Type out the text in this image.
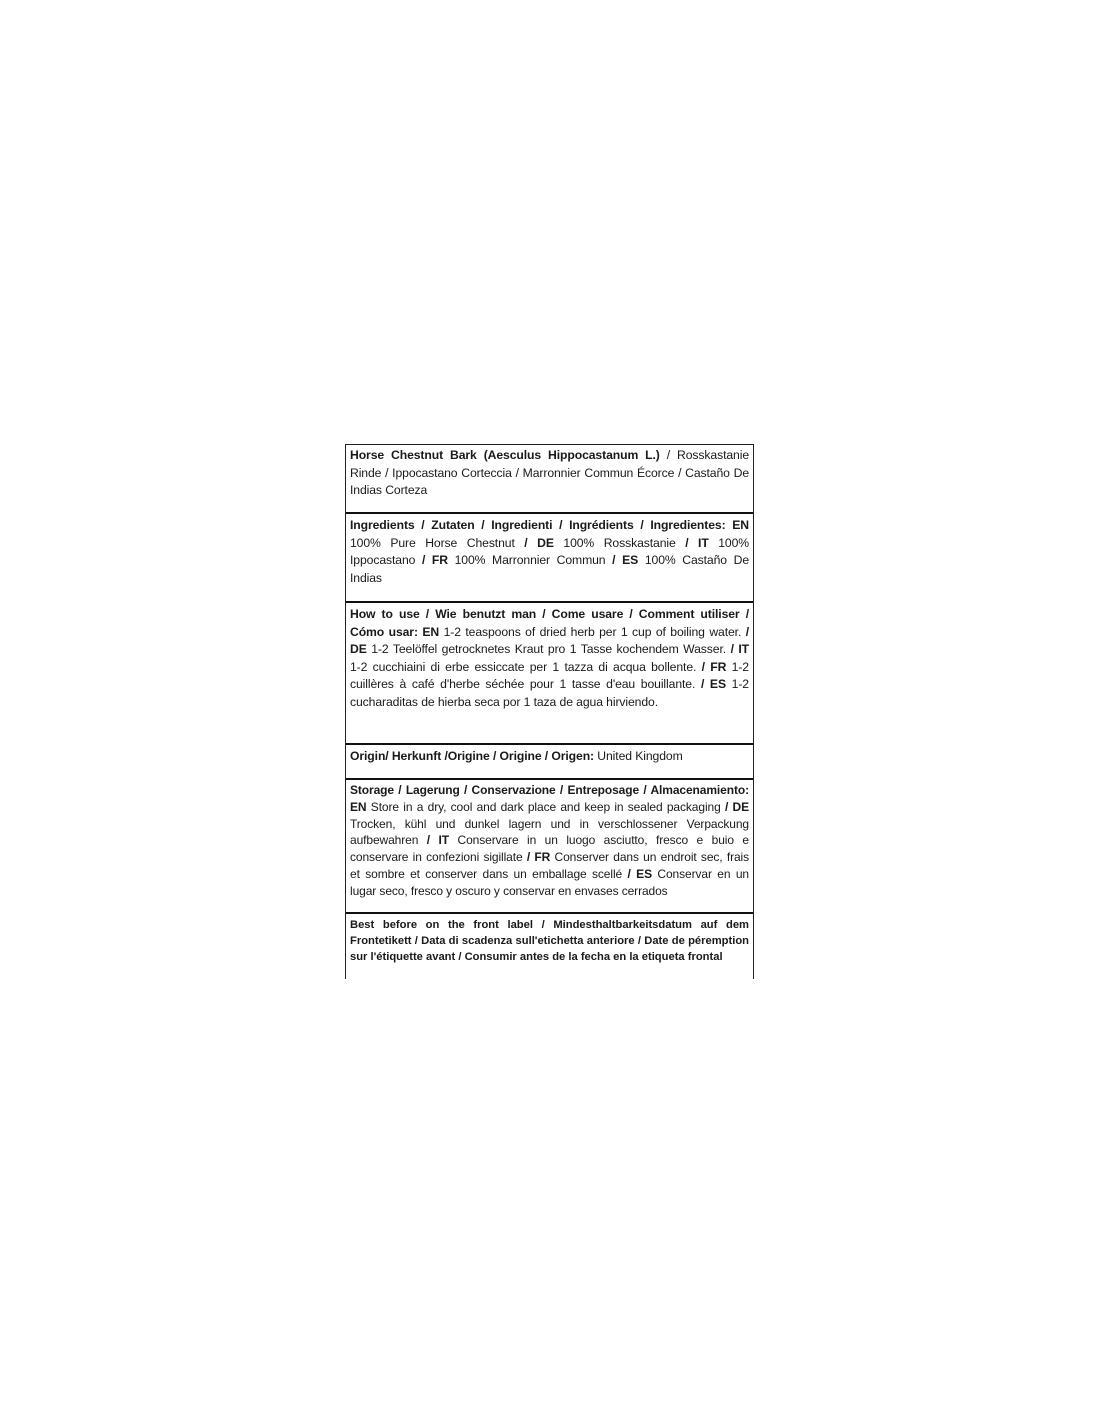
Horse Chestnut Bark (Aesculus Hippocastanum L.) / Rosskastanie Rinde / Ippocastano Corteccia / Marronnier Commun Écorce / Castaño De Indias Corteza
Ingredients / Zutaten / Ingredienti / Ingrédients / Ingredientes: EN 100% Pure Horse Chestnut / DE 100% Rosskastanie / IT 100% Ippocastano / FR 100% Marronnier Commun / ES 100% Castaño De Indias
How to use / Wie benutzt man / Come usare / Comment utiliser / Cómo usar: EN 1-2 teaspoons of dried herb per 1 cup of boiling water. / DE 1-2 Teelöffel getrocknetes Kraut pro 1 Tasse kochendem Wasser. / IT 1-2 cucchiaini di erbe essiccate per 1 tazza di acqua bollente. / FR 1-2 cuillères à café d'herbe séchée pour 1 tasse d'eau bouillante. / ES 1-2 cucharaditas de hierba seca por 1 taza de agua hirviendo.
Origin/ Herkunft /Origine / Origine / Origen: United Kingdom
Storage / Lagerung / Conservazione / Entreposage / Almacenamiento: EN Store in a dry, cool and dark place and keep in sealed packaging / DE Trocken, kühl und dunkel lagern und in verschlossener Verpackung aufbewahren / IT Conservare in un luogo asciutto, fresco e buio e conservare in confezioni sigillate / FR Conserver dans un endroit sec, frais et sombre et conserver dans un emballage scellé / ES Conservar en un lugar seco, fresco y oscuro y conservar en envases cerrados
Best before on the front label / Mindesthaltbarkeitsdatum auf dem Frontetikett / Data di scadenza sull'etichetta anteriore / Date de péremption sur l'étiquette avant / Consumir antes de la fecha en la etiqueta frontal
